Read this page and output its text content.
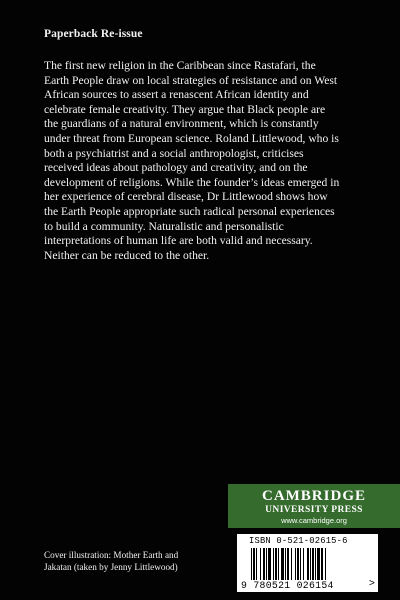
Paperback Re-issue

The first new religion in the Caribbean since Rastafari, the
Earth People draw on local strategies of resistance and on West
African sources to assert a renascent African identity and
celebrate female creativity. They argue that Black people are
the guardians of a natural environment, which is constantly
under threat from European science. Roland Littlewood, who is
both a psychiatrist and a social anthropologist, criticises
received ideas about pathology and creativity, and on the
development of religions. While the founder’s ideas emerged in
her experience of cerebral disease, Dr Littlewood shows how
the Earth People appropriate such radical personal experiences
to build a community. Naturalistic and personalistic
interpretations of human life are both valid and necessary.
Neither can be reduced to the other.

Cover illustration: Mother Earth and
Jakatan (taken by Jenny Littlewood)
CAMBRIDGE
UNIVERSITY PRESS
www.cambridge.org
ISBN 0-521-02615-6
9 780521 026154	>
